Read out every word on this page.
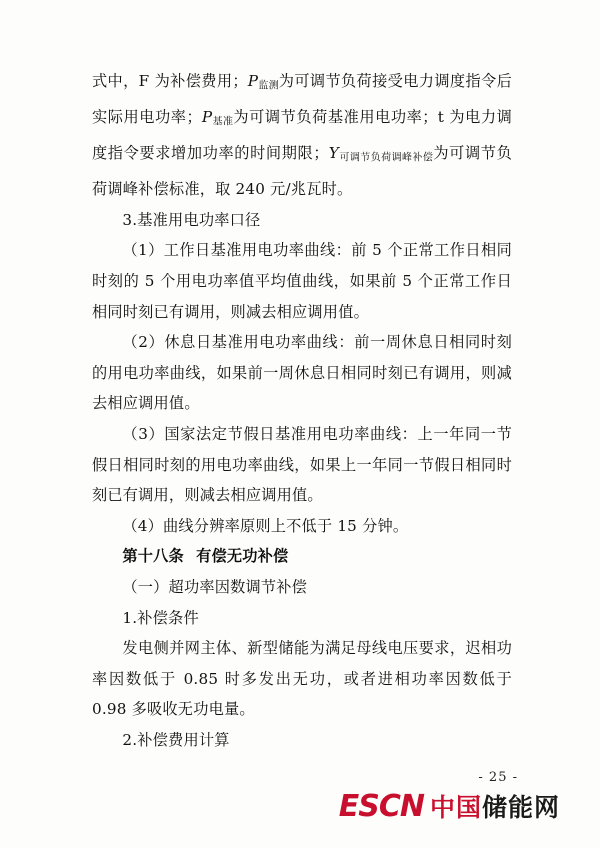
式中，F 为补偿费用；$P_{监测}$为可调节负荷接受电力调度指令后实际用电功率；$P_{基准}$为可调节负荷基准用电功率；t 为电力调度指令要求增加功率的时间期限；$Y_{可调节负荷调峰补偿}$为可调节负荷调峰补偿标准，取 240 元/兆瓦时。

3.基准用电功率口径

（1）工作日基准用电功率曲线：前 5 个正常工作日相同时刻的 5 个用电功率值平均值曲线，如果前 5 个正常工作日相同时刻已有调用，则减去相应调用值。

（2）休息日基准用电功率曲线：前一周休息日相同时刻的用电功率曲线，如果前一周休息日相同时刻已有调用，则减去相应调用值。

（3）国家法定节假日基准用电功率曲线：上一年同一节假日相同时刻的用电功率曲线，如果上一年同一节假日相同时刻已有调用，则减去相应调用值。

（4）曲线分辨率原则上不低于 15 分钟。

第十八条 有偿无功补偿

（一）超功率因数调节补偿

1.补偿条件

发电侧并网主体、新型储能为满足母线电压要求，迟相功率因数低于 0.85 时多发出无功，或者进相功率因数低于 0.98 多吸收无功电量。

2.补偿费用计算

- 25 -
ESCN 中国储能网
